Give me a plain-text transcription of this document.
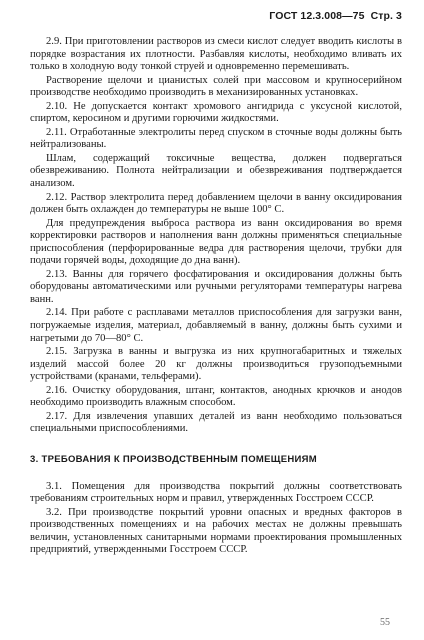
ГОСТ 12.3.008—75 Стр. 3

2.9. При приготовлении растворов из смеси кислот следует вводить кислоты в порядке возрастания их плотности. Разбавляя кислоты, необходимо вливать их только в холодную воду тонкой струей и одновременно перемешивать.

Растворение щелочи и цианистых солей при массовом и крупносерийном производстве необходимо производить в механизированных установках.

2.10. Не допускается контакт хромового ангидрида с уксусной кислотой, спиртом, керосином и другими горючими жидкостями.

2.11. Отработанные электролиты перед спуском в сточные воды должны быть нейтрализованы.

Шлам, содержащий токсичные вещества, должен подвергаться обезвреживанию. Полнота нейтрализации и обезвреживания подтверждается анализом.

2.12. Раствор электролита перед добавлением щелочи в ванну оксидирования должен быть охлажден до температуры не выше 100° С.

Для предупреждения выброса раствора из ванн оксидирования во время корректировки растворов и наполнения ванн должны применяться специальные приспособления (перфорированные ведра для растворения щелочи, трубки для подачи горячей воды, доходящие до дна ванн).

2.13. Ванны для горячего фосфатирования и оксидирования должны быть оборудованы автоматическими или ручными регуляторами температуры нагрева ванн.

2.14. При работе с расплавами металлов приспособления для загрузки ванн, погружаемые изделия, материал, добавляемый в ванну, должны быть сухими и нагретыми до 70—80° С.

2.15. Загрузка в ванны и выгрузка из них крупногабаритных и тяжелых изделий массой более 20 кг должны производиться грузоподъемными устройствами (кранами, тельферами).

2.16. Очистку оборудования, штанг, контактов, анодных крючков и анодов необходимо производить влажным способом.

2.17. Для извлечения упавших деталей из ванн необходимо пользоваться специальными приспособлениями.

3. ТРЕБОВАНИЯ К ПРОИЗВОДСТВЕННЫМ ПОМЕЩЕНИЯМ

3.1. Помещения для производства покрытий должны соответствовать требованиям строительных норм и правил, утвержденных Госстроем СССР.

3.2. При производстве покрытий уровни опасных и вредных факторов в производственных помещениях и на рабочих местах не должны превышать величин, установленных санитарными нормами проектирования промышленных предприятий, утвержденными Госстроем СССР.

55
